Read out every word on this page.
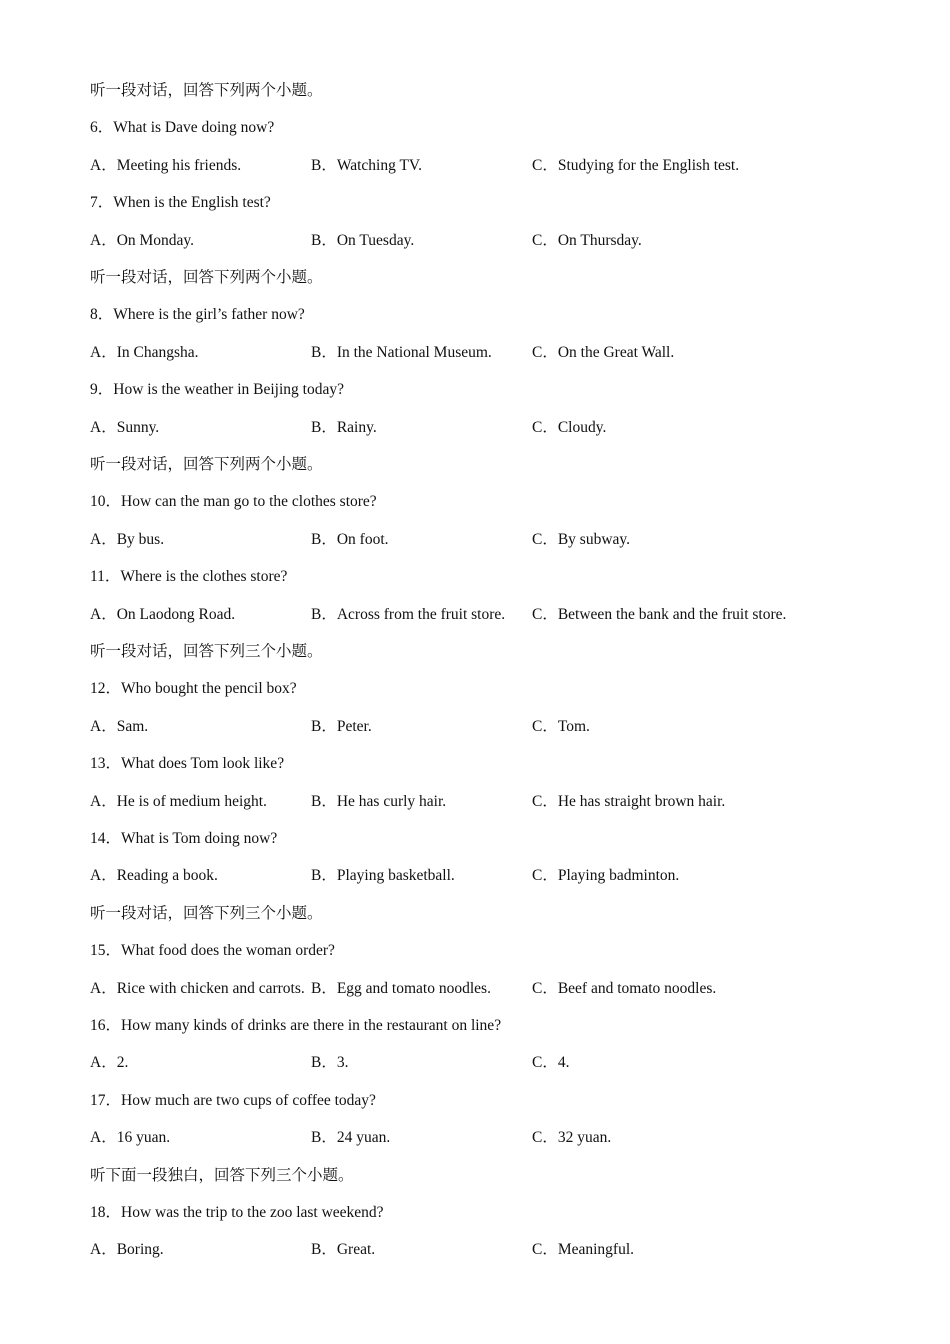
听一段对话，回答下列两个小题。
6．What is Dave doing now?
A．Meeting his friends.	B．Watching TV.	C．Studying for the English test.
7．When is the English test?
A．On Monday.	B．On Tuesday.	C．On Thursday.
听一段对话，回答下列两个小题。
8．Where is the girl’s father now?
A．In Changsha.	B．In the National Museum.	C．On the Great Wall.
9．How is the weather in Beijing today?
A．Sunny.	B．Rainy.	C．Cloudy.
听一段对话，回答下列两个小题。
10．How can the man go to the clothes store?
A．By bus.	B．On foot.	C．By subway.
11．Where is the clothes store?
A．On Laodong Road.	B．Across from the fruit store. C．Between the bank and the fruit store.
听一段对话，回答下列三个小题。
12．Who bought the pencil box?
A．Sam.	B．Peter.	C．Tom.
13．What does Tom look like?
A．He is of medium height.	B．He has curly hair.	C．He has straight brown hair.
14．What is Tom doing now?
A．Reading a book.	B．Playing basketball.	C．Playing badminton.
听一段对话，回答下列三个小题。
15．What food does the woman order?
A．Rice with chicken and carrots. B．Egg and tomato noodles.	C．Beef and tomato noodles.
16．How many kinds of drinks are there in the restaurant on line?
A．2.	B．3.	C．4.
17．How much are two cups of coffee today?
A．16 yuan.	B．24 yuan.	C．32 yuan.
听下面一段独白，回答下列三个小题。
18．How was the trip to the zoo last weekend?
A．Boring.	B．Great.	C．Meaningful.
